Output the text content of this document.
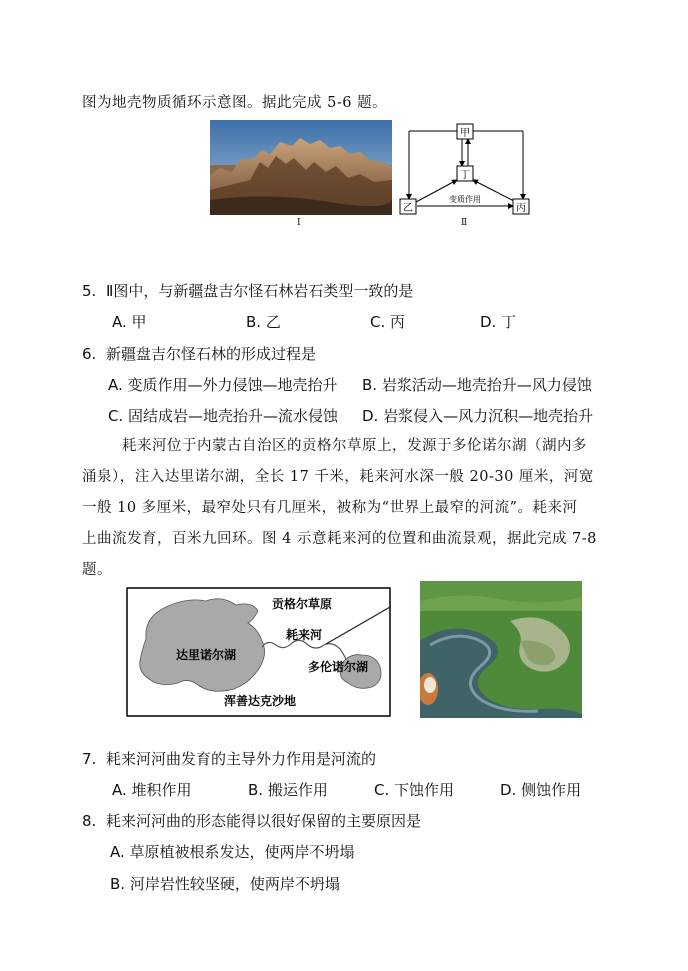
图为地壳物质循环示意图。据此完成 5-6 题。
Ⅰ
甲
丁
乙	丙
变质作用
Ⅱ
5. Ⅱ图中，与新疆盘吉尔怪石林岩石类型一致的是
A. 甲	B. 乙	C. 丙	D. 丁
6. 新疆盘吉尔怪石林的形成过程是
A. 变质作用—外力侵蚀—地壳抬升 B. 岩浆活动—地壳抬升—风力侵蚀
C. 固结成岩—地壳抬升—流水侵蚀 D. 岩浆侵入—风力沉积—地壳抬升
耗来河位于内蒙古自治区的贡格尔草原上，发源于多伦诺尔湖（湖内多
涌泉），注入达里诺尔湖，全长 17 千米，耗来河水深一般 20-30 厘米，河宽
一般 10 多厘米，最窄处只有几厘米，被称为“世界上最窄的河流”。耗来河
上曲流发育，百米九回环。图 4 示意耗来河的位置和曲流景观，据此完成 7-8
题。
贡格尔草原
耗来河
达里诺尔湖
多伦诺尔湖
浑善达克沙地
7. 耗来河河曲发育的主导外力作用是河流的
A. 堆积作用	B. 搬运作用	C. 下蚀作用	D. 侧蚀作用
8. 耗来河河曲的形态能得以很好保留的主要原因是
A. 草原植被根系发达，使两岸不坍塌
B. 河岸岩性较坚硬，使两岸不坍塌
